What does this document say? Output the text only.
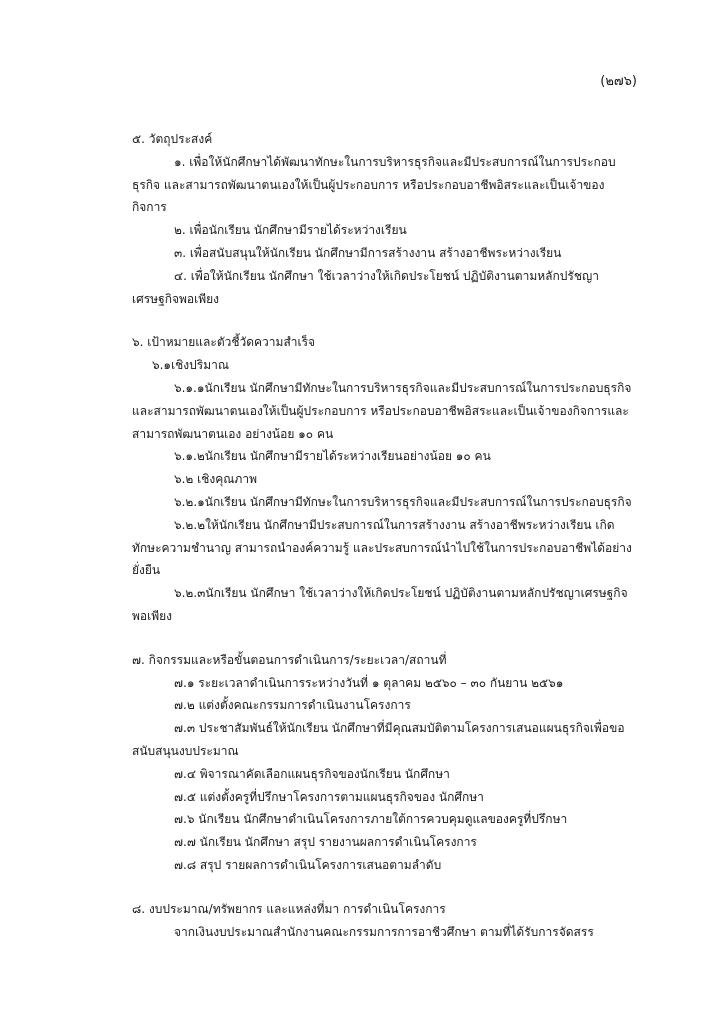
(๒๗๖)
๕. วัตถุประสงค์
๑. เพื่อให้นักศึกษาได้พัฒนาทักษะในการบริหารธุรกิจและมีประสบการณ์ในการประกอบ
ธุรกิจ และสามารถพัฒนาตนเองให้เป็นผู้ประกอบการ หรือประกอบอาชีพอิสระและเป็นเจ้าของ
กิจการ
๒. เพื่อนักเรียน นักศึกษามีรายได้ระหว่างเรียน
๓. เพื่อสนับสนุนให้นักเรียน นักศึกษามีการสร้างงาน สร้างอาชีพระหว่างเรียน
๔. เพื่อให้นักเรียน นักศึกษา ใช้เวลาว่างให้เกิดประโยชน์ ปฏิบัติงานตามหลักปรัชญา
เศรษฐกิจพอเพียง
๖. เป้าหมายและตัวชี้วัดความสำเร็จ
๖.๑เชิงปริมาณ
๖.๑.๑นักเรียน นักศึกษามีทักษะในการบริหารธุรกิจและมีประสบการณ์ในการประกอบธุรกิจ
และสามารถพัฒนาตนเองให้เป็นผู้ประกอบการ หรือประกอบอาชีพอิสระและเป็นเจ้าของกิจการและ
สามารถพัฒนาตนเอง อย่างน้อย ๑๐ คน
๖.๑.๒นักเรียน นักศึกษามีรายได้ระหว่างเรียนอย่างน้อย ๑๐ คน
๖.๒ เชิงคุณภาพ
๖.๒.๑นักเรียน นักศึกษามีทักษะในการบริหารธุรกิจและมีประสบการณ์ในการประกอบธุรกิจ
๖.๒.๒ให้นักเรียน นักศึกษามีประสบการณ์ในการสร้างงาน สร้างอาชีพระหว่างเรียน เกิด
ทักษะความชำนาญ สามารถนำองค์ความรู้ และประสบการณ์นำไปใช้ในการประกอบอาชีพได้อย่าง
ยั่งยืน
๖.๒.๓นักเรียน นักศึกษา ใช้เวลาว่างให้เกิดประโยชน์ ปฏิบัติงานตามหลักปรัชญาเศรษฐกิจ
พอเพียง
๗. กิจกรรมและหรือขั้นตอนการดำเนินการ/ระยะเวลา/สถานที่
๗.๑ ระยะเวลาดำเนินการระหว่างวันที่ ๑ ตุลาคม ๒๕๖๐ – ๓๐ กันยาน ๒๕๖๑
๗.๒ แต่งตั้งคณะกรรมการดำเนินงานโครงการ
๗.๓ ประชาสัมพันธ์ให้นักเรียน นักศึกษาที่มีคุณสมบัติตามโครงการเสนอแผนธุรกิจเพื่อขอ
สนับสนุนงบประมาณ
๗.๔ พิจารณาคัดเลือกแผนธุรกิจของนักเรียน นักศึกษา
๗.๕ แต่งตั้งครูที่ปรึกษาโครงการตามแผนธุรกิจของ นักศึกษา
๗.๖ นักเรียน นักศึกษาดำเนินโครงการภายใต้การควบคุมดูแลของครูที่ปรึกษา
๗.๗ นักเรียน นักศึกษา สรุป รายงานผลการดำเนินโครงการ
๗.๘ สรุป รายผลการดำเนินโครงการเสนอตามลำดับ
๘. งบประมาณ/ทรัพยากร และแหล่งที่มา การดำเนินโครงการ
จากเงินงบประมาณสำนักงานคณะกรรมการการอาชีวศึกษา ตามที่ได้รับการจัดสรร
